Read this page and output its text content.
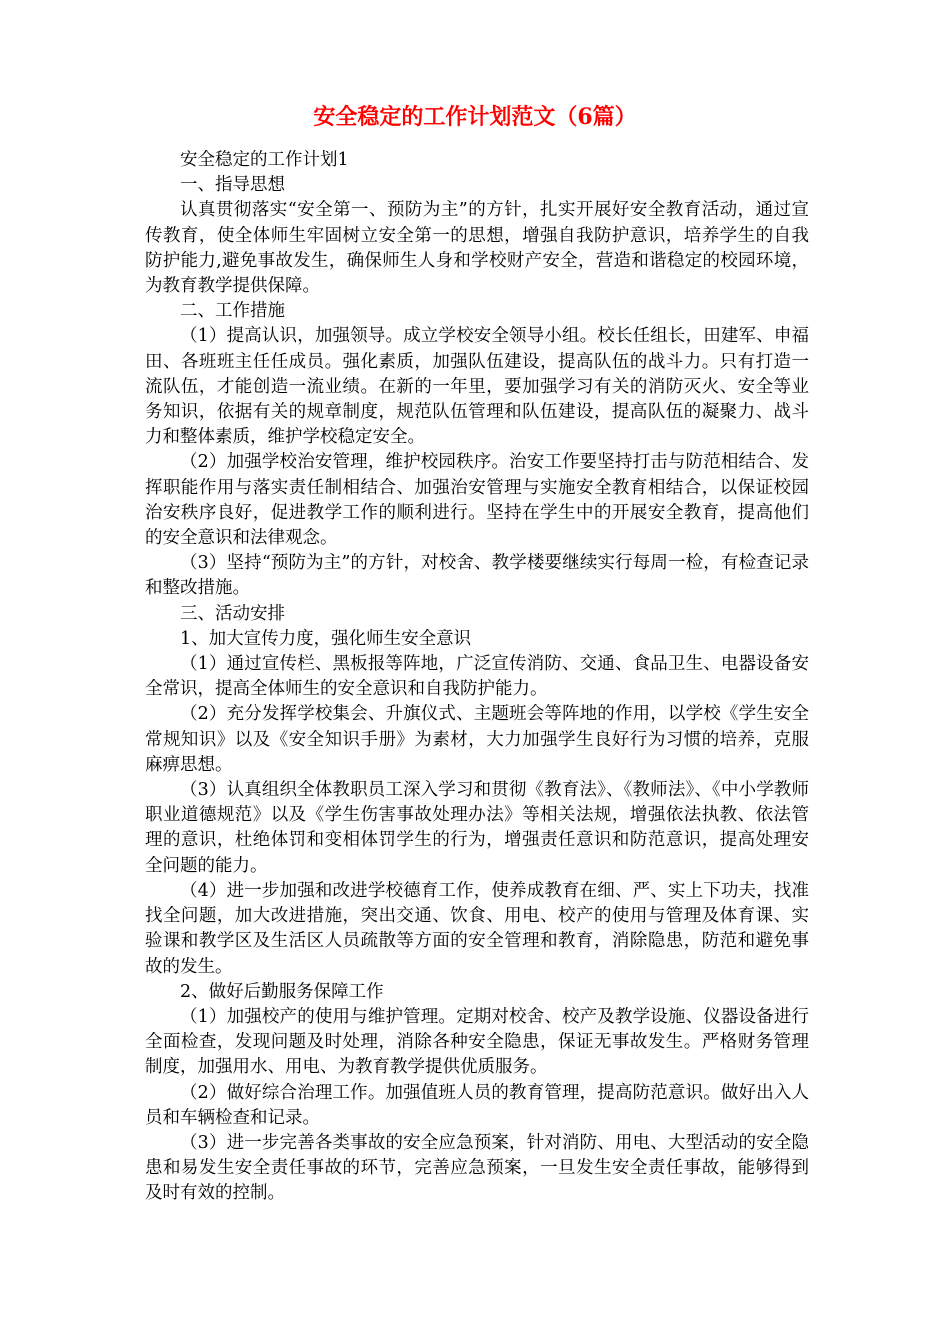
安全稳定的工作计划范文（6篇）

安全稳定的工作计划1

一、指导思想

认真贯彻落实“安全第一、预防为主”的方针，扎实开展好安全教育活动，通过宣传教育，使全体师生牢固树立安全第一的思想，增强自我防护意识，培养学生的自我防护能力,避免事故发生，确保师生人身和学校财产安全，营造和谐稳定的校园环境，为教育教学提供保障。

二、工作措施

（1）提高认识，加强领导。成立学校安全领导小组。校长任组长，田建军、申福田、各班班主任任成员。强化素质，加强队伍建设，提高队伍的战斗力。只有打造一流队伍，才能创造一流业绩。在新的一年里，要加强学习有关的消防灭火、安全等业务知识，依据有关的规章制度，规范队伍管理和队伍建设，提高队伍的凝聚力、战斗力和整体素质，维护学校稳定安全。

（2）加强学校治安管理，维护校园秩序。治安工作要坚持打击与防范相结合、发挥职能作用与落实责任制相结合、加强治安管理与实施安全教育相结合，以保证校园治安秩序良好，促进教学工作的顺利进行。坚持在学生中的开展安全教育，提高他们的安全意识和法律观念。

（3）坚持“预防为主”的方针，对校舍、教学楼要继续实行每周一检，有检查记录和整改措施。

三、活动安排

1、加大宣传力度，强化师生安全意识

（1）通过宣传栏、黑板报等阵地，广泛宣传消防、交通、食品卫生、电器设备安全常识，提高全体师生的安全意识和自我防护能力。

（2）充分发挥学校集会、升旗仪式、主题班会等阵地的作用，以学校《学生安全常规知识》以及《安全知识手册》为素材，大力加强学生良好行为习惯的培养，克服麻痹思想。

（3）认真组织全体教职员工深入学习和贯彻《教育法》、《教师法》、《中小学教师职业道德规范》以及《学生伤害事故处理办法》等相关法规，增强依法执教、依法管理的意识，杜绝体罚和变相体罚学生的行为，增强责任意识和防范意识，提高处理安全问题的能力。

（4）进一步加强和改进学校德育工作，使养成教育在细、严、实上下功夫，找准找全问题，加大改进措施，突出交通、饮食、用电、校产的使用与管理及体育课、实验课和教学区及生活区人员疏散等方面的安全管理和教育，消除隐患，防范和避免事故的发生。

2、做好后勤服务保障工作

（1）加强校产的使用与维护管理。定期对校舍、校产及教学设施、仪器设备进行全面检查，发现问题及时处理，消除各种安全隐患，保证无事故发生。严格财务管理制度，加强用水、用电、为教育教学提供优质服务。

（2）做好综合治理工作。加强值班人员的教育管理，提高防范意识。做好出入人员和车辆检查和记录。

（3）进一步完善各类事故的安全应急预案，针对消防、用电、大型活动的安全隐患和易发生安全责任事故的环节，完善应急预案，一旦发生安全责任事故，能够得到及时有效的控制。
